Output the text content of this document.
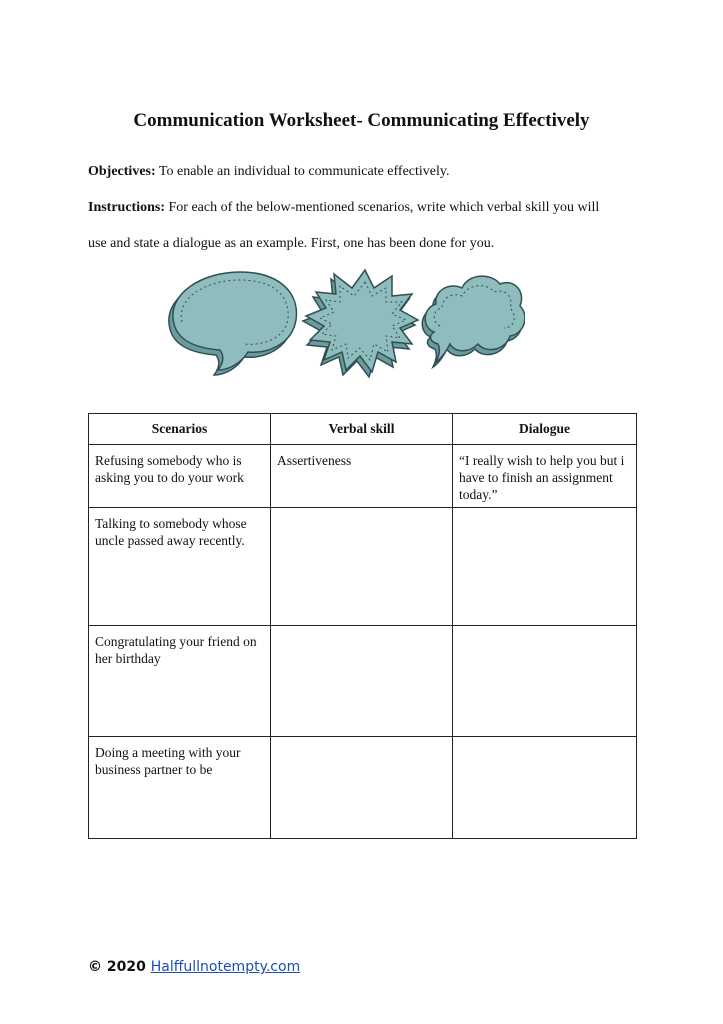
Communication Worksheet- Communicating Effectively
Objectives: To enable an individual to communicate effectively.
Instructions: For each of the below-mentioned scenarios, write which verbal skill you will
use and state a dialogue as an example. First, one has been done for you.
Scenarios	Verbal skill	Dialogue
Refusing somebody who is asking you to do your work	Assertiveness	“I really wish to help you but i have to finish an assignment today.”
Talking to somebody whose uncle passed away recently.		
Congratulating your friend on her birthday		
Doing a meeting with your business partner to be		
© 2020 Halffullnotempty.com
